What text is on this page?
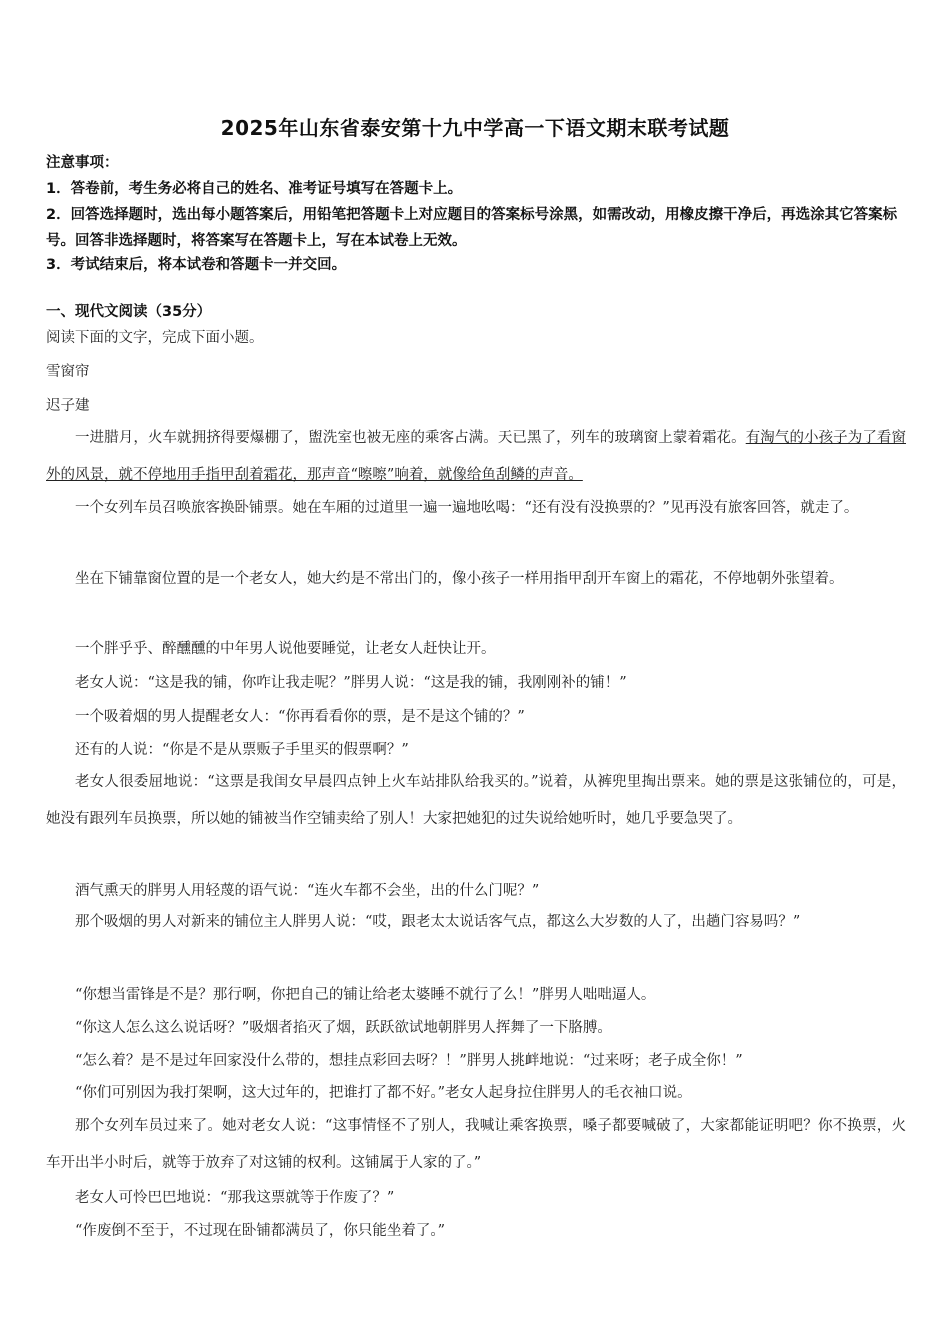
2025年山东省泰安第十九中学高一下语文期末联考试题
注意事项：
1．答卷前，考生务必将自己的姓名、准考证号填写在答题卡上。
2．回答选择题时，选出每小题答案后，用铅笔把答题卡上对应题目的答案标号涂黑，如需改动，用橡皮擦干净后，再选涂其它答案标号。回答非选择题时，将答案写在答题卡上，写在本试卷上无效。
3．考试结束后，将本试卷和答题卡一并交回。
一、现代文阅读（35分）
阅读下面的文字，完成下面小题。
雪窗帘
迟子建
一进腊月，火车就拥挤得要爆棚了，盥洗室也被无座的乘客占满。天已黑了，列车的玻璃窗上蒙着霜花。有淘气的小孩子为了看窗外的风景，就不停地用手指甲刮着霜花，那声音“嚓嚓”响着，就像给鱼刮鳞的声音。
一个女列车员召唤旅客换卧铺票。她在车厢的过道里一遍一遍地吆喝：“还有没有没换票的？”见再没有旅客回答，就走了。
坐在下铺靠窗位置的是一个老女人，她大约是不常出门的，像小孩子一样用指甲刮开车窗上的霜花，不停地朝外张望着。
一个胖乎乎、醉醺醺的中年男人说他要睡觉，让老女人赶快让开。
老女人说：“这是我的铺，你咋让我走呢？”胖男人说：“这是我的铺，我刚刚补的铺！”
一个吸着烟的男人提醒老女人：“你再看看你的票，是不是这个铺的？”
还有的人说：“你是不是从票贩子手里买的假票啊？”
老女人很委屈地说：“这票是我闺女早晨四点钟上火车站排队给我买的。”说着，从裤兜里掏出票来。她的票是这张铺位的，可是，她没有跟列车员换票，所以她的铺被当作空铺卖给了别人！大家把她犯的过失说给她听时，她几乎要急哭了。
酒气熏天的胖男人用轻蔑的语气说：“连火车都不会坐，出的什么门呢？”
那个吸烟的男人对新来的铺位主人胖男人说：“哎，跟老太太说话客气点，都这么大岁数的人了，出趟门容易吗？”
“你想当雷锋是不是？那行啊，你把自己的铺让给老太婆睡不就行了么！”胖男人咄咄逼人。
“你这人怎么这么说话呀？”吸烟者掐灭了烟，跃跃欲试地朝胖男人挥舞了一下胳膊。
“怎么着？是不是过年回家没什么带的，想挂点彩回去呀？！”胖男人挑衅地说：“过来呀；老子成全你！”
“你们可别因为我打架啊，这大过年的，把谁打了都不好。”老女人起身拉住胖男人的毛衣袖口说。
那个女列车员过来了。她对老女人说：“这事情怪不了别人，我喊让乘客换票，嗓子都要喊破了，大家都能证明吧？你不换票，火车开出半小时后，就等于放弃了对这铺的权利。这铺属于人家的了。”
老女人可怜巴巴地说：“那我这票就等于作废了？”
“作废倒不至于，不过现在卧铺都满员了，你只能坐着了。”
